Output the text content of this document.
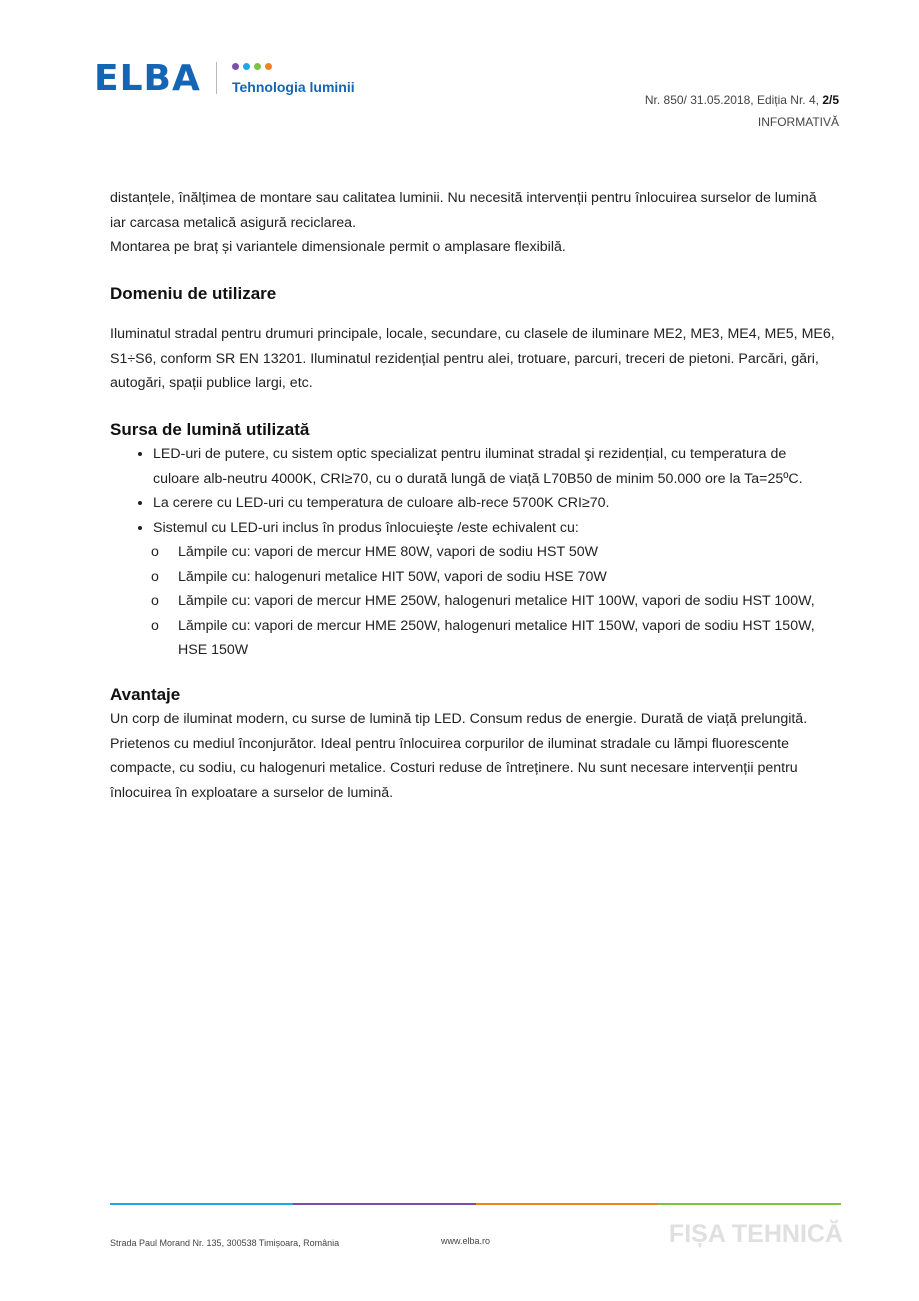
ELBA Tehnologia luminii
Nr. 850/ 31.05.2018, Ediția Nr. 4, 2/5
INFORMATIVĂ

distanțele, înălțimea de montare sau calitatea luminii. Nu necesită intervenții pentru înlocuirea surselor de lumină iar carcasa metalică asigură reciclarea.

Montarea pe braț și variantele dimensionale permit o amplasare flexibilă.

Domeniu de utilizare

Iluminatul stradal pentru drumuri principale, locale, secundare, cu clasele de iluminare ME2, ME3, ME4, ME5, ME6, S1÷S6, conform SR EN 13201. Iluminatul rezidențial pentru alei, trotuare, parcuri, treceri de pietoni. Parcări, gări, autogări, spații publice largi, etc.

Sursa de lumină utilizată
• LED-uri de putere, cu sistem optic specializat pentru iluminat stradal şi rezidențial, cu temperatura de culoare alb-neutru 4000K, CRI≥70, cu o durată lungă de viață L70B50 de minim 50.000 ore la Ta=25ºC.
• La cerere cu LED-uri cu temperatura de culoare alb-rece 5700K CRI≥70.
• Sistemul cu LED-uri inclus în produs înlocuieşte /este echivalent cu:
o Lămpile cu: vapori de mercur HME 80W, vapori de sodiu HST 50W
o Lămpile cu: halogenuri metalice HIT 50W, vapori de sodiu HSE 70W
o Lămpile cu: vapori de mercur HME 250W, halogenuri metalice HIT 100W, vapori de sodiu HST 100W,
o Lămpile cu: vapori de mercur HME 250W, halogenuri metalice HIT 150W, vapori de sodiu HST 150W, HSE 150W
Avantaje

Un corp de iluminat modern, cu surse de lumină tip LED. Consum redus de energie. Durată de viață prelungită. Prietenos cu mediul înconjurător. Ideal pentru înlocuirea corpurilor de iluminat stradale cu lămpi fluorescente compacte, cu sodiu, cu halogenuri metalice. Costuri reduse de întreținere. Nu sunt necesare intervenții pentru înlocuirea în exploatare a surselor de lumină.

Strada Paul Morand Nr. 135, 300538 Timișoara, România	www.elba.ro	FIȘA TEHNICĂ
